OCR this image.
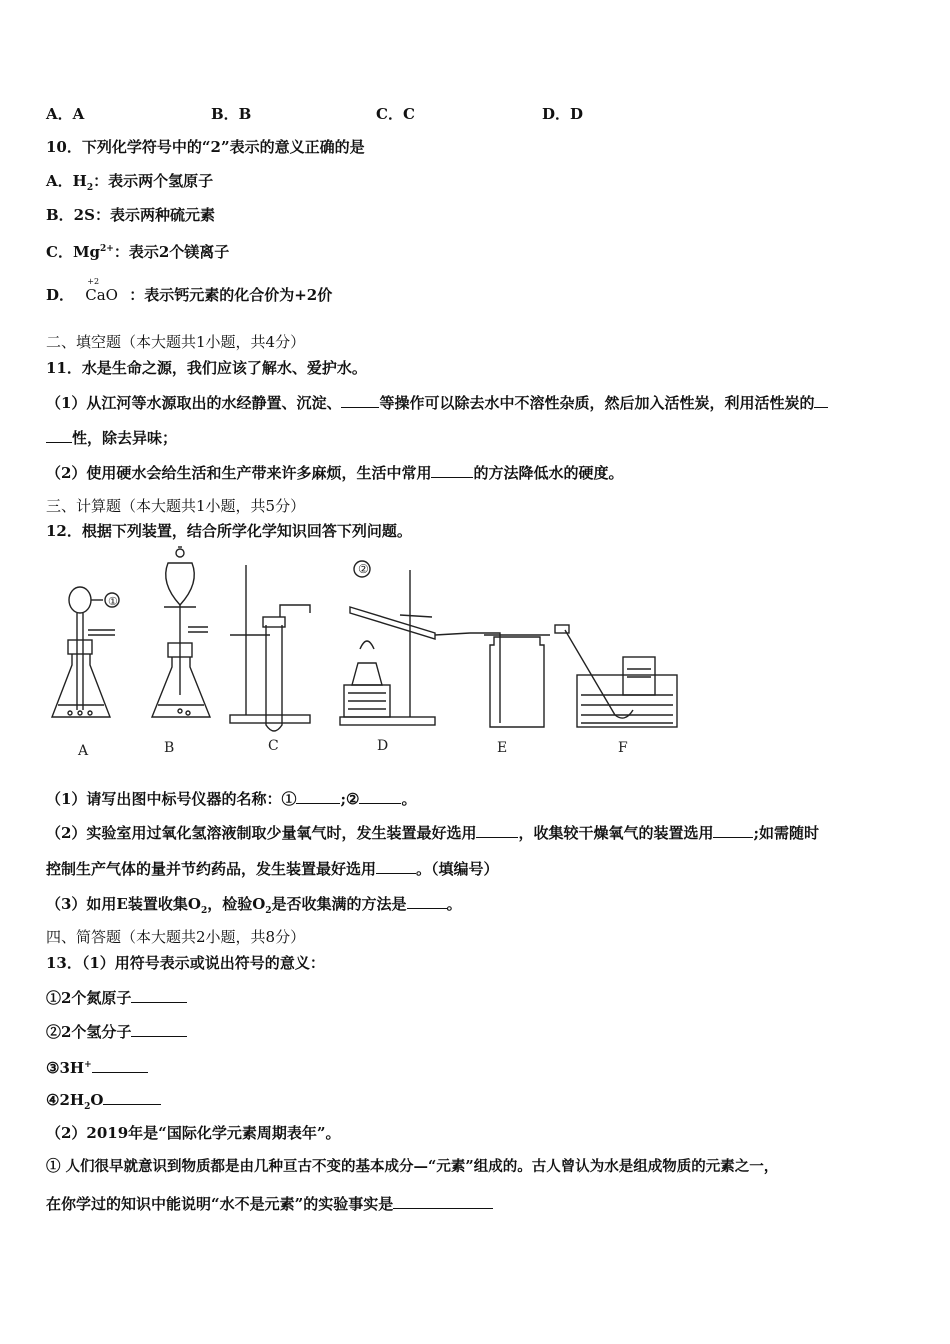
A．A	B．B	C．C	D．D
10．下列化学符号中的“2”表示的意义正确的是
A．$H_2$：表示两个氢原子
B．2S：表示两种硫元素
C．$Mg^{2+}$：表示2个镁离子
D．
+2
CaO ：表示钙元素的化合价为+2价
二、填空题（本大题共1小题，共4分）
11．水是生命之源，我们应该了解水、爱护水。
（1）从江河等水源取出的水经静置、沉淀、	等操作可以除去水中不溶性杂质，然后加入活性炭，利用活性炭的
性，除去异味；
（2）使用硬水会给生活和生产带来许多麻烦，生活中常用	的方法降低水的硬度。
三、计算题（本大题共1小题，共5分）
12．根据下列装置，结合所学化学知识回答下列问题。
①
②
A	B	C	D	E	F
（1）请写出图中标号仪器的名称：①	;②	。
（2）实验室用过氧化氢溶液制取少量氧气时，发生装置最好选用	，收集较干燥氧气的装置选用	;如需随时
控制生产气体的量并节约药品，发生装置最好选用	。（填编号）
（3）如用E装置收集$O_2$，检验$O_2$是否收集满的方法是	。
四、简答题（本大题共2小题，共8分）
13．（1）用符号表示或说出符号的意义：
①2个氮原子
②2个氢分子
③3H+
$④2H_2O$
（2）2019年是“国际化学元素周期表年”。
① 人们很早就意识到物质都是由几种亘古不变的基本成分—“元素”组成的。古人曾认为水是组成物质的元素之一，
在你学过的知识中能说明“水不是元素”的实验事实是
